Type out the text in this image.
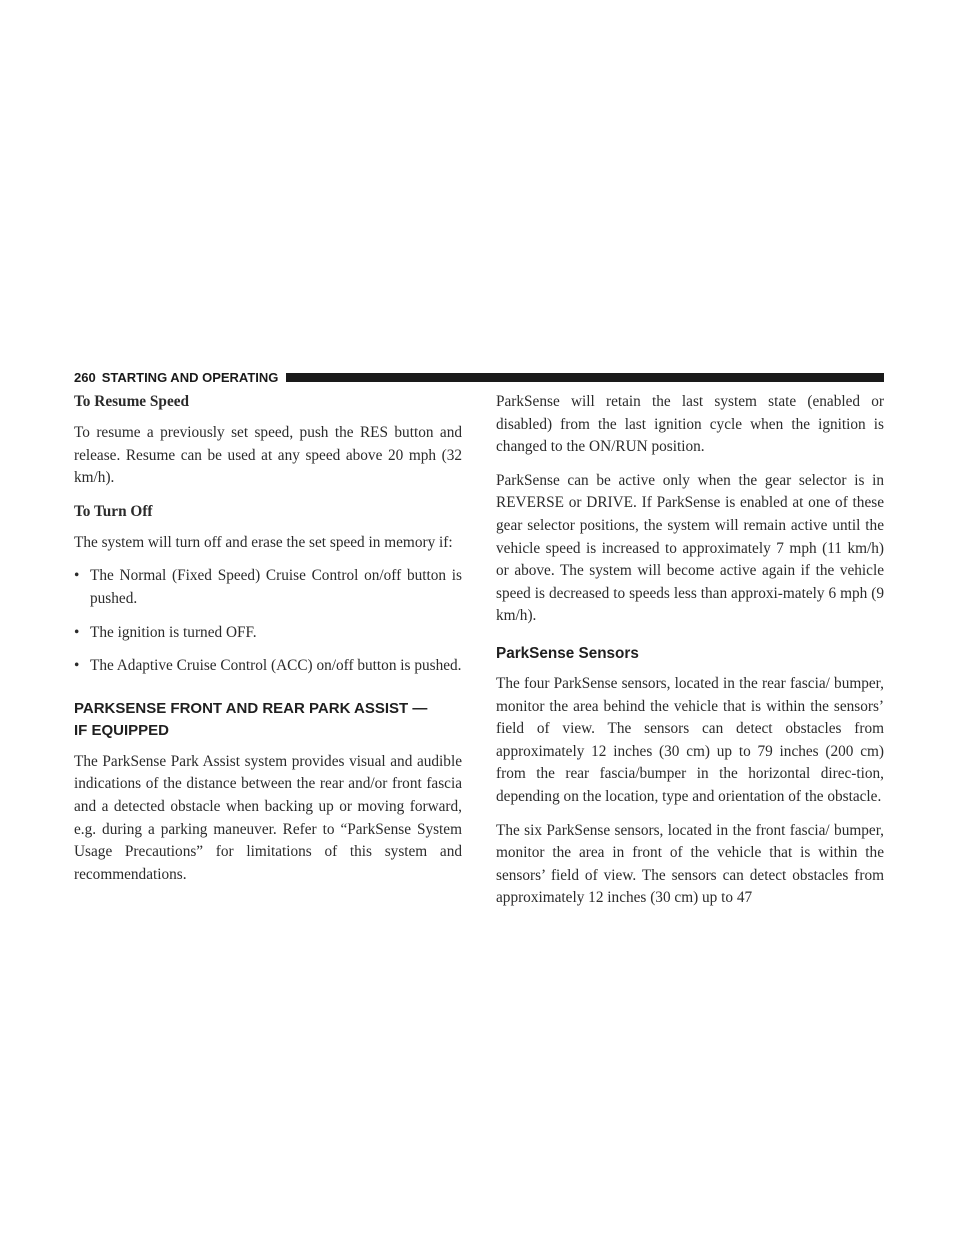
260 STARTING AND OPERATING
To Resume Speed

To resume a previously set speed, push the RES button and release. Resume can be used at any speed above 20 mph (32 km/h).

To Turn Off

The system will turn off and erase the set speed in memory if:

• The Normal (Fixed Speed) Cruise Control on/off button is pushed.
• The ignition is turned OFF.
• The Adaptive Cruise Control (ACC) on/off button is pushed.
PARKSENSE FRONT AND REAR PARK ASSIST —
IF EQUIPPED

The ParkSense Park Assist system provides visual and audible indications of the distance between the rear and/or front fascia and a detected obstacle when backing up or moving forward, e.g. during a parking maneuver. Refer to “ParkSense System Usage Precautions” for limitations of this system and recommendations.

ParkSense will retain the last system state (enabled or disabled) from the last ignition cycle when the ignition is changed to the ON/RUN position.

ParkSense can be active only when the gear selector is in REVERSE or DRIVE. If ParkSense is enabled at one of these gear selector positions, the system will remain active until the vehicle speed is increased to approximately 7 mph (11 km/h) or above. The system will become active again if the vehicle speed is decreased to speeds less than approxi-mately 6 mph (9 km/h).

ParkSense Sensors

The four ParkSense sensors, located in the rear fascia/ bumper, monitor the area behind the vehicle that is within the sensors’ field of view. The sensors can detect obstacles from approximately 12 inches (30 cm) up to 79 inches (200 cm) from the rear fascia/bumper in the horizontal direc-tion, depending on the location, type and orientation of the obstacle.

The six ParkSense sensors, located in the front fascia/ bumper, monitor the area in front of the vehicle that is within the sensors’ field of view. The sensors can detect obstacles from approximately 12 inches (30 cm) up to 47
